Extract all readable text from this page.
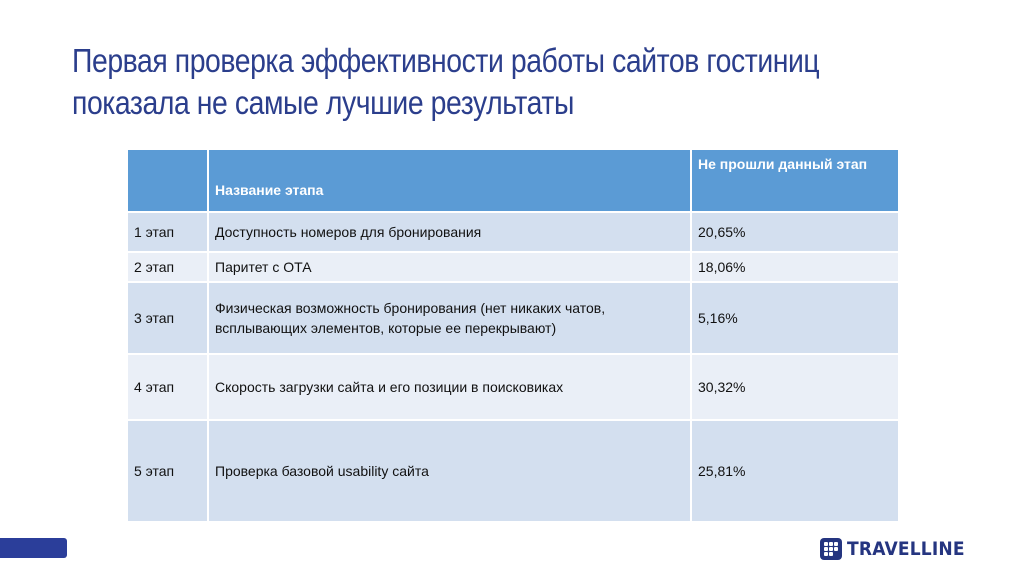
Первая проверка эффективности работы сайтов гостиниц
показала не самые лучшие результаты
	Название этапа	Не прошли данный этап
1 этап	Доступность номеров для бронирования	20,65%
2 этап	Паритет с ОТА	18,06%
3 этап	Физическая возможность бронирования (нет никаких чатов,
всплывающих элементов, которые ее перекрывают)	5,16%
4 этап	Скорость загрузки сайта и его позиции в поисковиках	30,32%
5 этап	Проверка базовой usability сайта	25,81%
TRAVELLINE
